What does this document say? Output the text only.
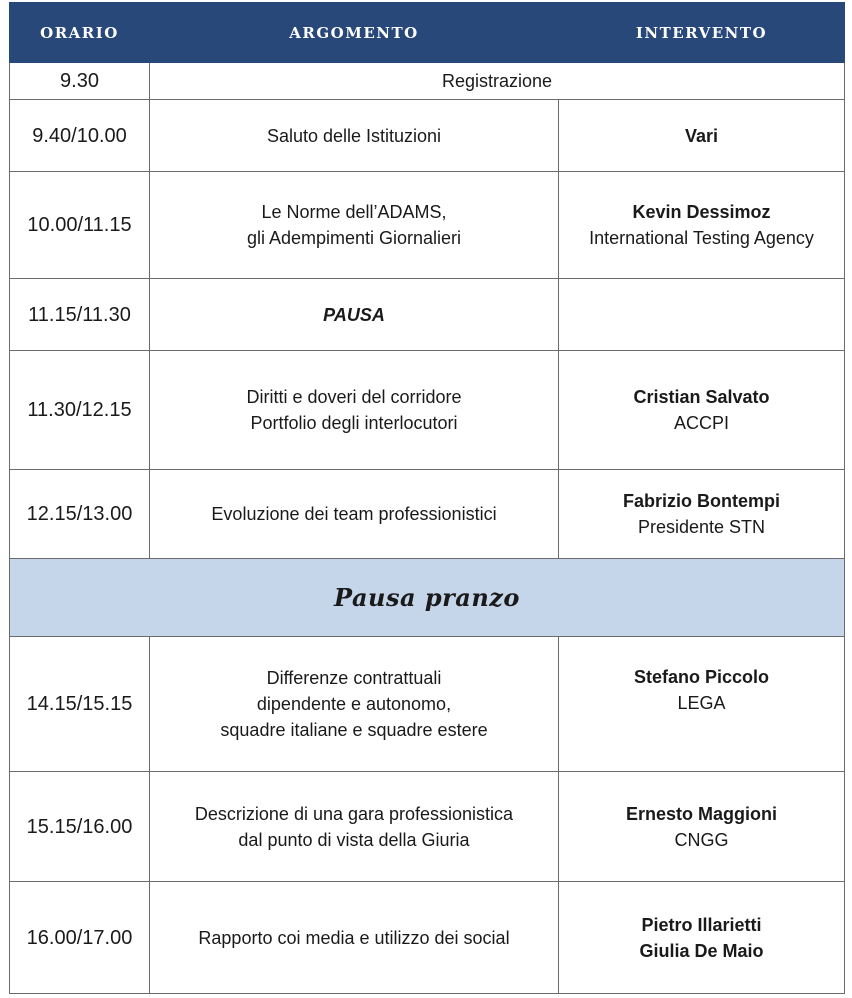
ORARIO	ARGOMENTO	INTERVENTO
9.30	Registrazione	
9.40/10.00	Saluto delle Istituzioni	Vari

10.00/11.15	Le Norme dell’ADAMS,
gli Adempimenti Giornalieri	Kevin Dessimoz
International Testing Agency

11.15/11.30	PAUSA	

11.30/12.15	Diritti e doveri del corridore
Portfolio degli interlocutori	Cristian Salvato
ACCPI

12.15/13.00	Evoluzione dei team professionistici	Fabrizio Bontempi
Presidente STN

Pausa pranzo		
14.15/15.15	Differenze contrattuali
dipendente e autonomo,
squadre italiane e squadre estere	Stefano Piccolo
LEGA

15.15/16.00	Descrizione di una gara professionistica
dal punto di vista della Giuria	Ernesto Maggioni
CNGG

16.00/17.00	Rapporto coi media e utilizzo dei social	Pietro Illarietti
Giulia De Maio
